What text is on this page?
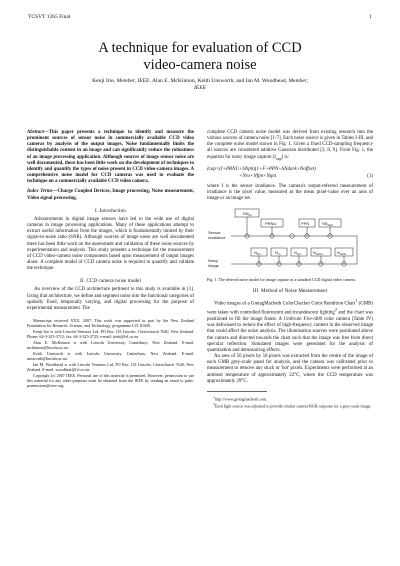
TCSVT 1265 Final	1
A technique for evaluation of CCD
video-camera noise
Kenji Irie, Member, IEEE, Alan E. McKinnon, Keith Unsworth, and Ian M. Woodhead, Member,
IEEE
Abstract—This paper presents a technique to identify and measure the prominent sources of sensor noise in commercially available CCD video cameras by analysis of the output images. Noise fundamentally limits the distinguishable content in an image and can significantly reduce the robustness of an image processing application. Although sources of image sensor noise are well documented, there has been little work on the development of techniques to identify and quantify the types of noise present in CCD video-camera images. A comprehensive noise model for CCD cameras was used to evaluate the technique on a commercially available CCD video camera.
Index Terms—Charge Coupled Devices, Image processing, Noise measurement, Video signal processing.
I. Introduction

Advancements in digital image sensors have led to the wide use of digital cameras in image processing applications. Many of these applications attempt to extract useful information from the images, which is fundamentally limited by their signal-to-noise ratio (SNR). Although sources of image noise are well documented there has been little work on the assessment and validation of these noise sources by experimentation and analysis. This study presents a technique for the measurement of CCD video-camera noise components based upon measurement of output images alone. A complete model of CCD camera noise is required to quantify and validate the technique.

II. CCD camera noise model

An overview of the CCD architecture pertinent to this study is available in [1]. Using that architecture, we define and segment noise into the functional categories of spatially fixed, temporally varying, and digital processing for the purpose of experimental measurement. The

Manuscript received XXX, 2007. This work was supported in part by the New Zealand Foundation for Research, Science, and Technology, programme LVLX0401.

Kenji Irie is with Lincoln Ventures Ltd, PO Box 133 Lincoln, Christchurch 7640, New Zealand. Phone: 64-3-325-3712; fax: 64-3-325-3725; e-mail: iriek@lvl.co.nz.

Alan E. McKinnon is with Lincoln University, Canterbury, New Zealand. E-mail: mckinnon@lincoln.ac.nz.

Keith Unsworth is with Lincoln University, Canterbury, New Zealand. E-mail: unsworth@lincoln.ac.nz.

Ian M. Woodhead is with Lincoln Ventures Ltd, PO Box 133 Lincoln, Christchurch 7640, New Zealand. E-mail: woodheai@lvl.co.nz.

Copyright (c) 2007 IEEE. Personal use of this material is permitted. However, permission to use this material for any other purposes must be obtained from the IEEE by sending an email to pubs-permissions@ieee.org.

complete CCD camera noise model was derived from existing research into the various sources of camera noise [1-7]. Each noise source is given in Tables I-III, and the complete noise model shown in Fig. 1. Given a fixed CCD-sampling frequency all sources are considered additive Gaussian distributed [3, 8, 9]. From Fig. 1, the equation for noisy image capture $(I_{cap})$ is:

Icap=(I+PRNU+SNph)(1+F+PPN+SNdark+Noffset)
+Nro+Nfpn+Nqnt	(1)

where I is the sensor irradiance. The camera's output-referred measurement of irradiance is the pixel value, measured as the mean pixel-value over an area of image or an image set.

$SN_{ph}$
PRNU	PPN	$SN_{dark}$
Sensor
irradiance
Noisy
image
$N_{fpn}$	$N_{ro}$	$N_{qnt}$	$N_{offset}$	$N_{other}$
Fig. 1. The derived noise model for image capture in a standard CCD digital video camera.
III. Method of Noise Measurement

Video images of a GretagMacbeth ColorChecker Color Rendition Chart$^1$ (GMB) were taken with controlled fluorescent and incandescent lighting$^2$ and the chart was positioned to fill the image frame. A Unibrain Fire-i400 color camera (Table IV) was defocused to reduce the effect of high-frequency content in the observed image that could affect the noise analysis. The illumination sources were positioned above the camera and directed towards the chart such that the image was free from direct specular reflection. Simulated images were generated for the analysis of quantization and demosaicing effects.

An area of 50 pixels by 50 pixels was extracted from the centre of the image of each GMB grey-scale panel for analysis, and the camera was calibrated prior to measurement to remove any stuck or 'hot' pixels. Experiments were performed at an ambient temperature of approximately 22°C, where the CCD temperature was approximately 29°C.

$^1$http://www.gretagmacbeth.com.

$^2$Each light source was adjusted to provide similar camera RGB response for a grey-scale image.
